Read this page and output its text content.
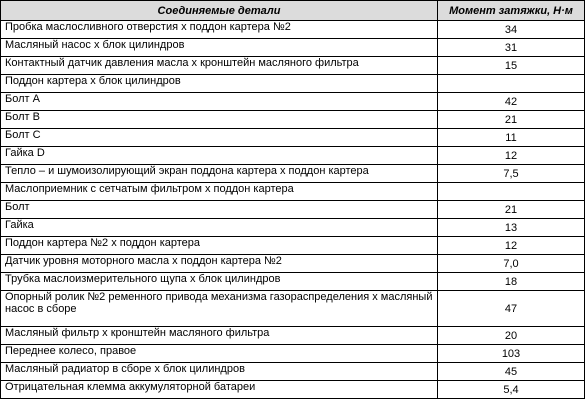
Соединяемые детали	Момент затяжки, Н·м
Пробка маслосливного отверстия х поддон картера №2	34
Масляный насос х блок цилиндров	31
Контактный датчик давления масла х кронштейн масляного фильтра	15
Поддон картера х блок цилиндров	
Болт A	42
Болт B	21
Болт C	11
Гайка D	12
Тепло – и шумоизолирующий экран поддона картера х поддон картера	7,5
Маслоприемник с сетчатым фильтром х поддон картера	
Болт	21
Гайка	13
Поддон картера №2 х поддон картера	12
Датчик уровня моторного масла х поддон картера №2	7,0
Трубка маслоизмерительного щупа х блок цилиндров	18
Опорный ролик №2 ременного привода механизма газораспределения х масляный насос в сборе	47
Масляный фильтр х кронштейн масляного фильтра	20
Переднее колесо, правое	103
Масляный радиатор в сборе х блок цилиндров	45
Отрицательная клемма аккумуляторной батареи	5,4
